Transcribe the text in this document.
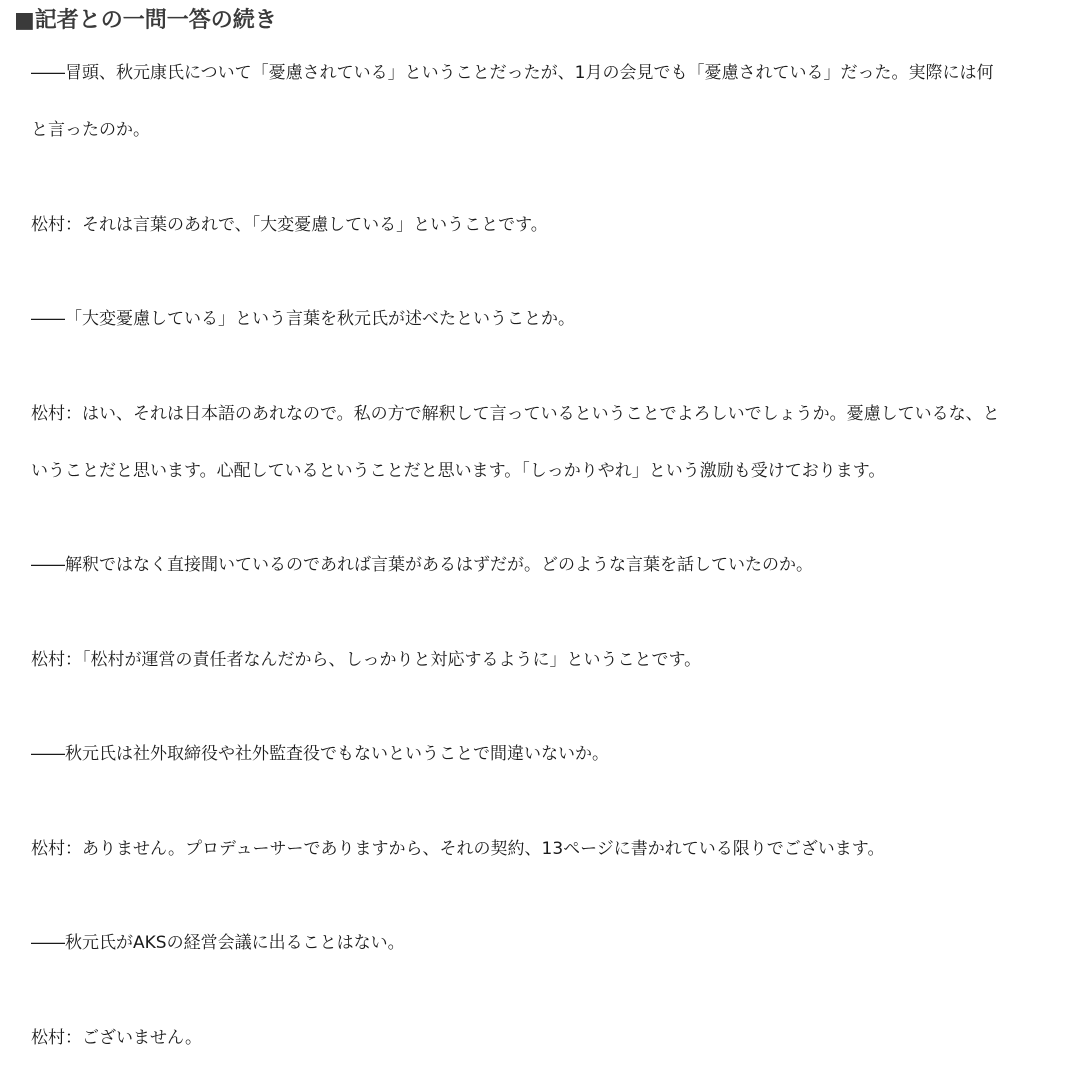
■記者との一問一答の続き

――冒頭、秋元康氏について「憂慮されている」ということだったが、1月の会見でも「憂慮されている」だった。実際には何
と言ったのか。

松村：それは言葉のあれで、「大変憂慮している」ということです。

――「大変憂慮している」という言葉を秋元氏が述べたということか。

松村：はい、それは日本語のあれなので。私の方で解釈して言っているということでよろしいでしょうか。憂慮しているな、と
いうことだと思います。心配しているということだと思います。「しっかりやれ」という激励も受けております。

――解釈ではなく直接聞いているのであれば言葉があるはずだが。どのような言葉を話していたのか。

松村：「松村が運営の責任者なんだから、しっかりと対応するように」ということです。

――秋元氏は社外取締役や社外監査役でもないということで間違いないか。

松村：ありません。プロデューサーでありますから、それの契約、13ページに書かれている限りでございます。

――秋元氏がAKSの経営会議に出ることはない。

松村：ございません。
